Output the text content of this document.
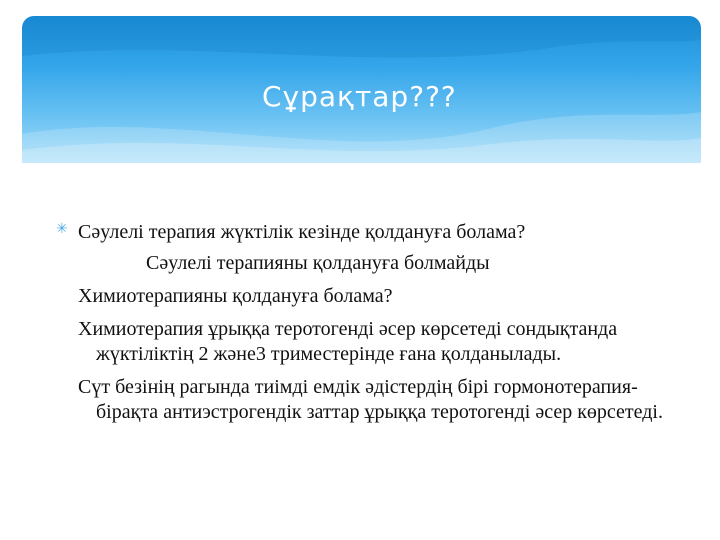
Сұрақтар???

✳ Сәулелі терапия жүктілік кезінде қолдануға болама?

Сәулелі терапияны қолдануға болмайды

Химиотерапияны қолдануға болама?

Химиотерапия ұрыққа теротогенді әсер көрсетеді сондықтанда жүктіліктің 2 және3 триместерінде ғана қолданылады.

Сүт безінің рагында тиімді емдік әдістердің бірі гормонотерапия-бірақта антиэстрогендік заттар ұрыққа теротогенді әсер көрсетеді.
